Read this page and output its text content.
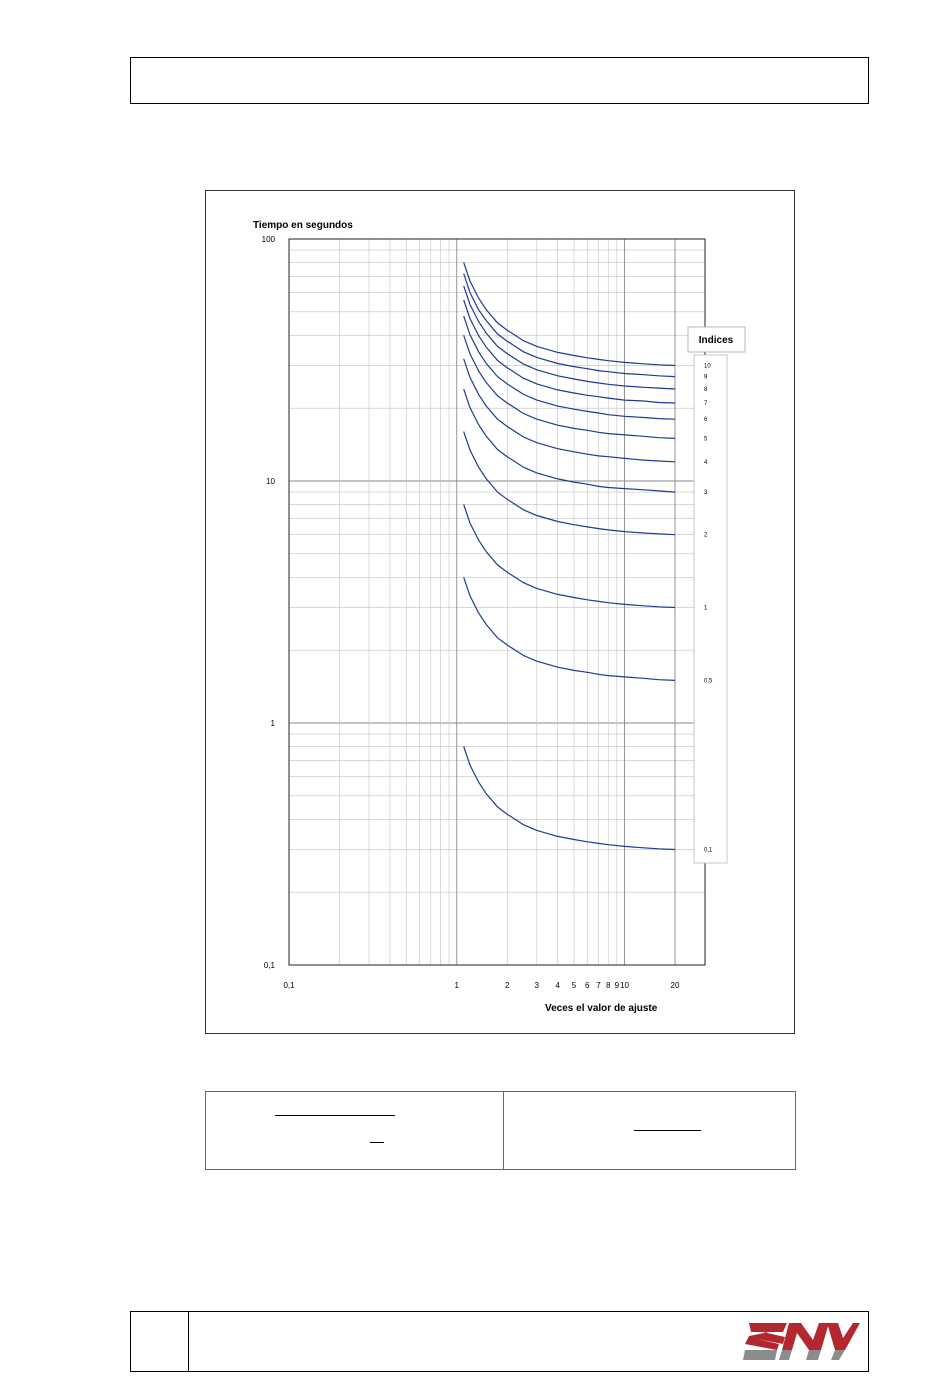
Indices
10
9
8
7
6
5
4
3
2
1
0,5
0,1
0,1	1	2	3 4 5 6 7 8 9 10	20
0,1
1
10
100
Tiempo en segundos
Veces el valor de ajuste
